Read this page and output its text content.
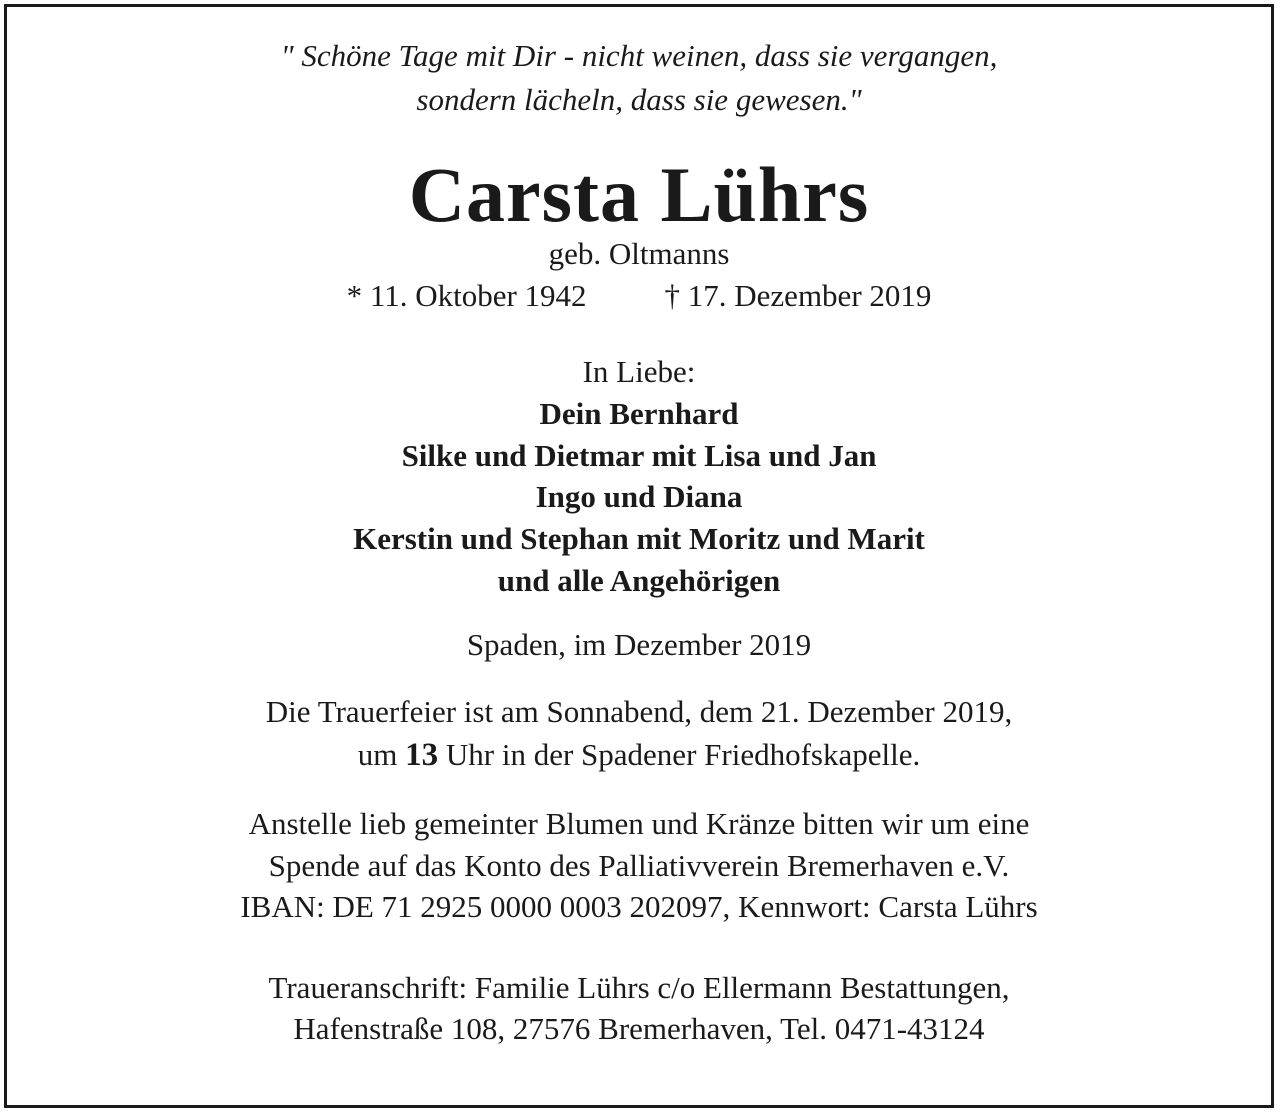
" Schöne Tage mit Dir - nicht weinen, dass sie vergangen,
sondern lächeln, dass sie gewesen."
Carsta Lührs
geb. Oltmanns
* 11. Oktober 1942	† 17. Dezember 2019
In Liebe:
Dein Bernhard
Silke und Dietmar mit Lisa und Jan
Ingo und Diana
Kerstin und Stephan mit Moritz und Marit
und alle Angehörigen
Spaden, im Dezember 2019
Die Trauerfeier ist am Sonnabend, dem 21. Dezember 2019,
um 13 Uhr in der Spadener Friedhofskapelle.
Anstelle lieb gemeinter Blumen und Kränze bitten wir um eine
Spende auf das Konto des Palliativverein Bremerhaven e.V.
IBAN: DE 71 2925 0000 0003 202097, Kennwort: Carsta Lührs
Traueranschrift: Familie Lührs c/o Ellermann Bestattungen,
Hafenstraße 108, 27576 Bremerhaven, Tel. 0471-43124
